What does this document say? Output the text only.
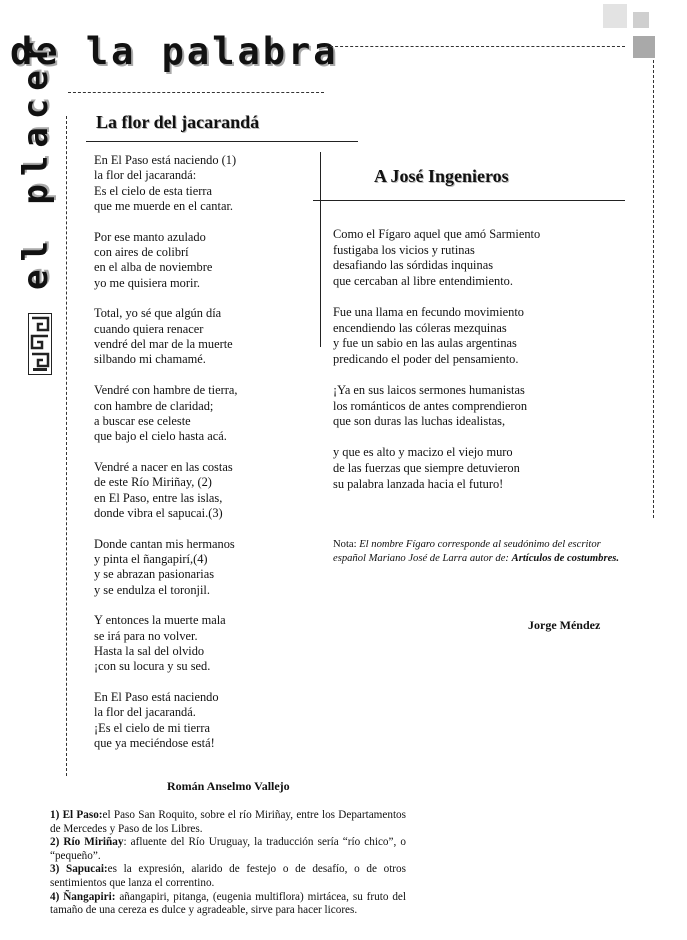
de la palabra
el placer La flor del jacarandá
En El Paso está naciendo (1)
la flor del jacarandá:
Es el cielo de esta tierra
que me muerde en el cantar.
Por ese manto azulado
con aires de colibrí
en el alba de noviembre
yo me quisiera morir.
Total, yo sé que algún día
cuando quiera renacer
vendré del mar de la muerte
silbando mi chamamé.
Vendré con hambre de tierra,
con hambre de claridad;
a buscar ese celeste
que bajo el cielo hasta acá.
Vendré a nacer en las costas
de este Río Miriñay, (2)
en El Paso, entre las islas,
donde vibra el sapucai.(3)
Donde cantan mis hermanos
y pinta el ñangapirí,(4)
y se abrazan pasionarias
y se endulza el toronjil.
Y entonces la muerte mala
se irá para no volver.
Hasta la sal del olvido
¡con su locura y su sed.
En El Paso está naciendo
la flor del jacarandá.
¡Es el cielo de mi tierra
que ya meciéndose está!
A José Ingenieros
Como el Fígaro aquel que amó Sarmiento
fustigaba los vicios y rutinas
desafiando las sórdidas inquinas
que cercaban al libre entendimiento.
Fue una llama en fecundo movimiento
encendiendo las cóleras mezquinas
y fue un sabio en las aulas argentinas
predicando el poder del pensamiento.
¡Ya en sus laicos sermones humanistas
los románticos de antes comprendieron
que son duras las luchas idealistas,
y que es alto y macizo el viejo muro
de las fuerzas que siempre detuvieron
su palabra lanzada hacia el futuro!
Nota: El nombre Fígaro corresponde al seudónimo del escritor español Mariano José de Larra autor de: Artículos de costumbres.
Jorge Méndez
Román Anselmo Vallejo

1) El Paso:el Paso San Roquito, sobre el río Miriñay, entre los Departamentos de Mercedes y Paso de los Libres.

2) Río Miriñay: afluente del Río Uruguay, la traducción sería “río chico”, o “pequeño”.

3) Sapucai:es la expresión, alarido de festejo o de desafío, o de otros sentimientos que lanza el correntino.

4) Ñangapiri: añangapiri, pitanga, (eugenia multiflora) mirtácea, su fruto del tamaño de una cereza es dulce y agradeable, sirve para hacer licores.
